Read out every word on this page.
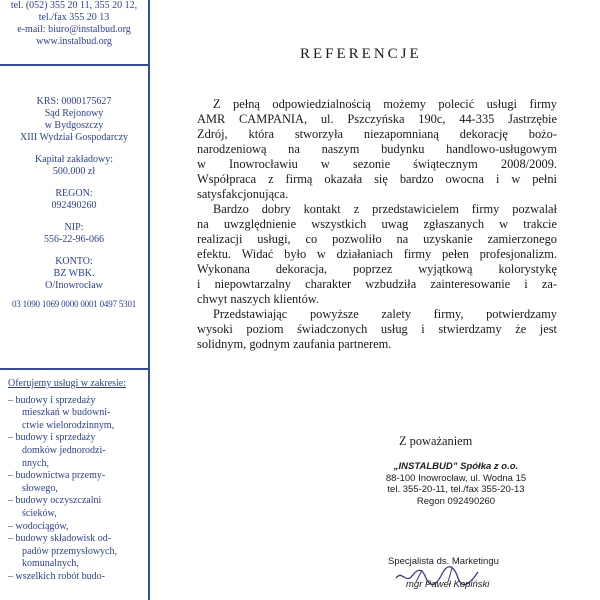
tel. (052) 355 20 11, 355 20 12,
tel./fax 355 20 13
e-mail: biuro@instalbud.org
www.instalbud.org
KRS: 0000175627
Sąd Rejonowy
w Bydgoszczy
XIII Wydział Gospodarczy
Kapitał zakładowy:
500.000 zł
REGON:
092490260
NIP:
556-22-96-066
KONTO:
BZ WBK.
O/Inowrocław
03 1090 1069 0000 0001 0497 5301
Oferujemy usługi w zakresie:
– budowy i sprzedaży
mieszkań w budowni-
ctwie wielorodzinnym,
– budowy i sprzedaży
domków jednorodzi-
nnych,
– budownictwa przemy-
słowego,
– budowy oczyszczalni
ścieków,
– wodociągów,
– budowy składowisk od-
padów przemysłowych,
komunalnych,
– wszelkich robót budo-
REFERENCJE
Z pełną odpowiedzialnością możemy polecić usługi firmy
AMR CAMPANIA, ul. Pszczyńska 190c, 44-335 Jastrzębie
Zdrój, która stworzyła niezapomnianą dekorację bożo-
narodzeniową na naszym budynku handlowo-usługowym
w Inowrocławiu w sezonie świątecznym 2008/2009.
Współpraca z firmą okazała się bardzo owocna i w pełni
satysfakcjonująca.
Bardzo dobry kontakt z przedstawicielem firmy pozwalał
na uwzględnienie wszystkich uwag zgłaszanych w trakcie
realizacji usługi, co pozwoliło na uzyskanie zamierzonego
efektu. Widać było w działaniach firmy pełen profesjonalizm.
Wykonana dekoracja, poprzez wyjątkową kolorystykę
i niepowtarzalny charakter wzbudziła zainteresowanie i za-
chwyt naszych klientów.
Przedstawiając powyższe zalety firmy, potwierdzamy
wysoki poziom świadczonych usług i stwierdzamy że jest
solidnym, godnym zaufania partnerem.
Z poważaniem
„INSTALBUD” Spółka z o.o.
88-100 Inowrocław, ul. Wodna 15
tel. 355-20-11, tel./fax 355-20-13
Regon 092490260
Specjalista ds. Marketingu
mgr Paweł Kopiński
